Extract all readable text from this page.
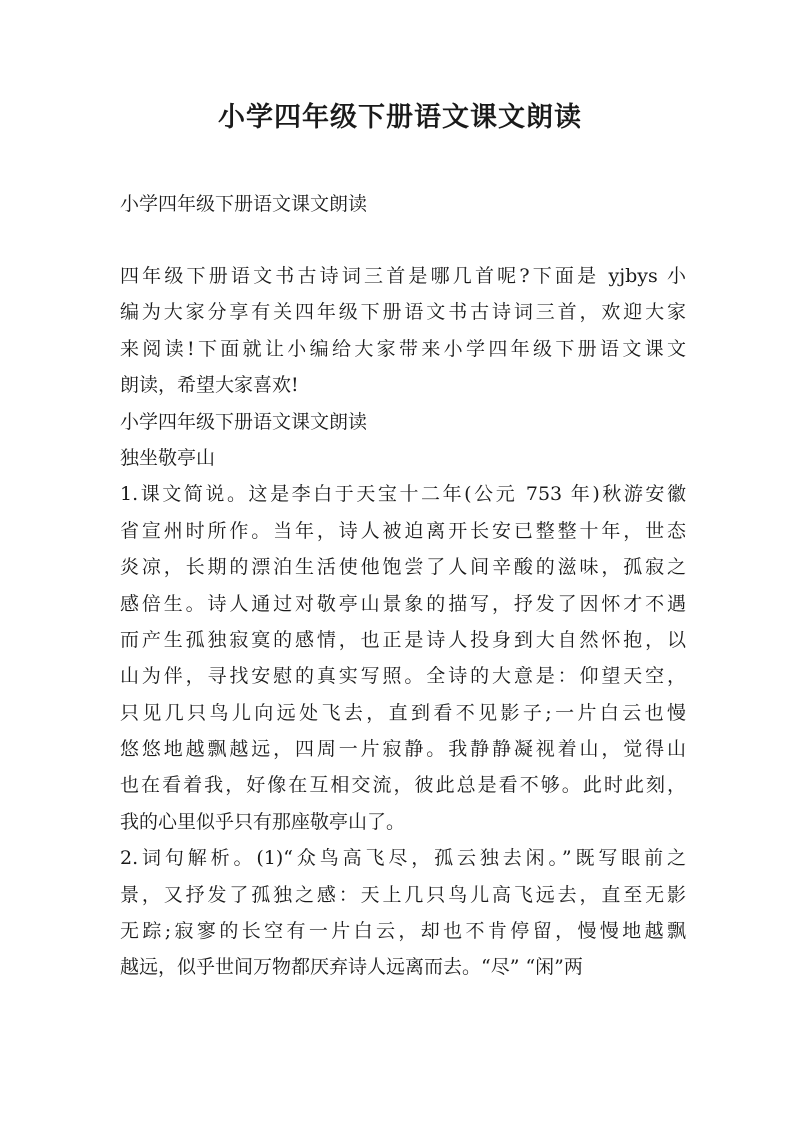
小学四年级下册语文课文朗读
小学四年级下册语文课文朗读
四年级下册语文书古诗词三首是哪几首呢?下面是 yjbys 小
编为大家分享有关四年级下册语文书古诗词三首，欢迎大家
来阅读!下面就让小编给大家带来小学四年级下册语文课文
朗读，希望大家喜欢!
小学四年级下册语文课文朗读
独坐敬亭山
1.课文简说。这是李白于天宝十二年(公元 753 年)秋游安徽
省宣州时所作。当年，诗人被迫离开长安已整整十年，世态
炎凉，长期的漂泊生活使他饱尝了人间辛酸的滋味，孤寂之
感倍生。诗人通过对敬亭山景象的描写，抒发了因怀才不遇
而产生孤独寂寞的感情，也正是诗人投身到大自然怀抱，以
山为伴，寻找安慰的真实写照。全诗的大意是：仰望天空，
只见几只鸟儿向远处飞去，直到看不见影子;一片白云也慢
悠悠地越飘越远，四周一片寂静。我静静凝视着山，觉得山
也在看着我，好像在互相交流，彼此总是看不够。此时此刻，
我的心里似乎只有那座敬亭山了。
2.词句解析。(1)“众鸟高飞尽，孤云独去闲。”既写眼前之
景，又抒发了孤独之感：天上几只鸟儿高飞远去，直至无影
无踪;寂寥的长空有一片白云，却也不肯停留，慢慢地越飘
越远，似乎世间万物都厌弃诗人远离而去。“尽” “闲”两
